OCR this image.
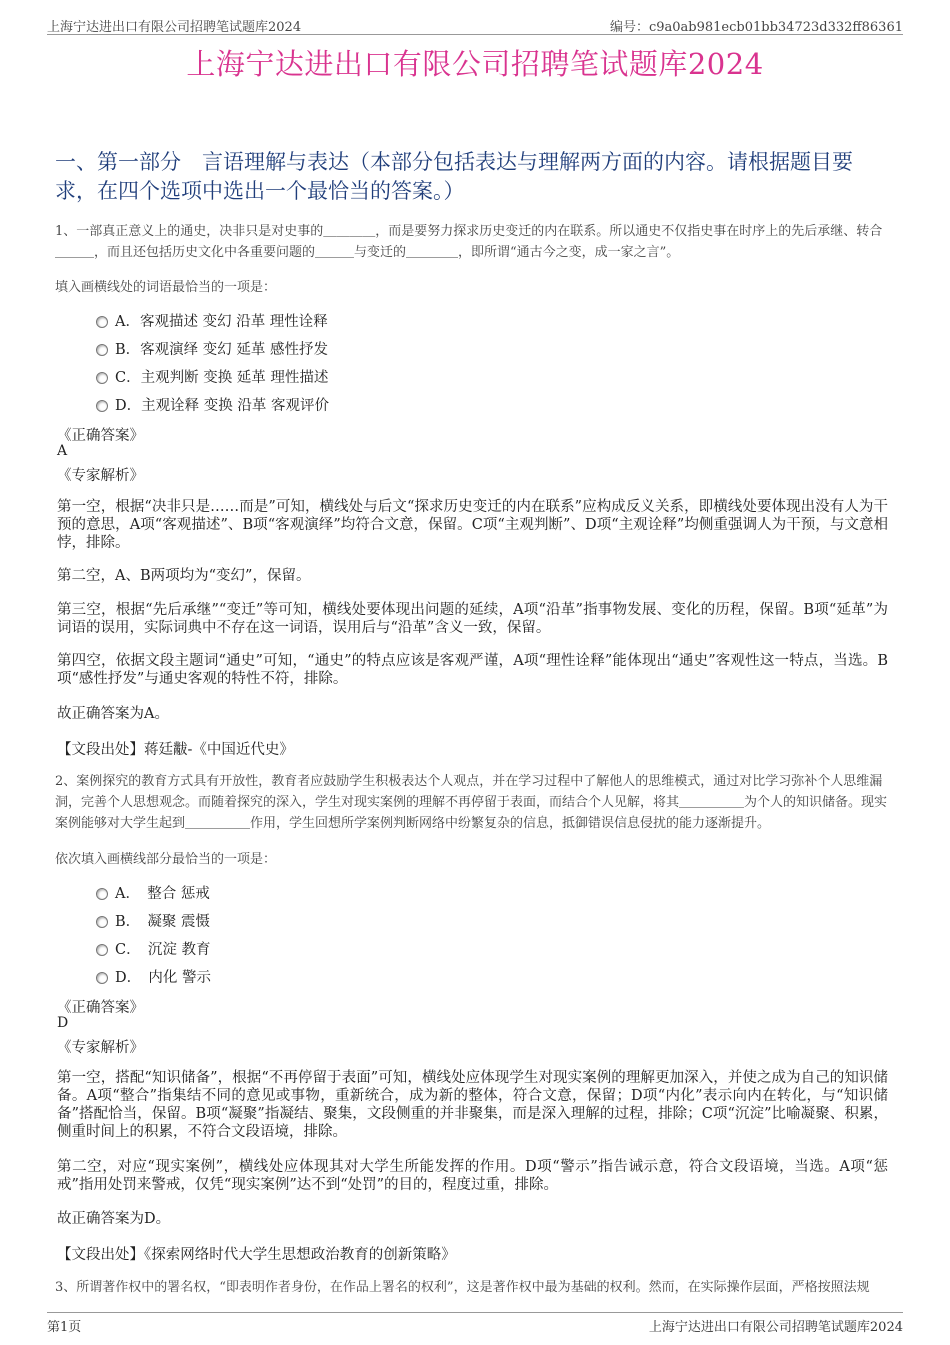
上海宁达进出口有限公司招聘笔试题库2024	编号：c9a0ab981ecb01bb34723d332ff86361
上海宁达进出口有限公司招聘笔试题库2024
一、第一部分　言语理解与表达（本部分包括表达与理解两方面的内容。请根据题目要求，在四个选项中选出一个最恰当的答案。）
1、一部真正意义上的通史，决非只是对史事的＿＿＿＿，而是要努力探求历史变迁的内在联系。所以通史不仅指史事在时序上的先后承继、转合＿＿＿，而且还包括历史文化中各重要问题的＿＿＿与变迁的＿＿＿＿，即所谓“通古今之变，成一家之言”。
填入画横线处的词语最恰当的一项是：
A．客观描述 变幻 沿革 理性诠释
B．客观演绎 变幻 延革 感性抒发
C．主观判断 变换 延革 理性描述
D．主观诠释 变换 沿革 客观评价
《正确答案》
A
《专家解析》
第一空，根据“决非只是……而是”可知，横线处与后文“探求历史变迁的内在联系”应构成反义关系，即横线处要体现出没有人为干预的意思，A项“客观描述”、B项“客观演绎”均符合文意，保留。C项“主观判断”、D项“主观诠释”均侧重强调人为干预，与文意相悖，排除。
第二空，A、B两项均为“变幻”，保留。
第三空，根据“先后承继”“变迁”等可知，横线处要体现出问题的延续，A项“沿革”指事物发展、变化的历程，保留。B项“延革”为词语的误用，实际词典中不存在这一词语，误用后与“沿革”含义一致，保留。
第四空，依据文段主题词“通史”可知，“通史”的特点应该是客观严谨，A项“理性诠释”能体现出“通史”客观性这一特点，当选。B项“感性抒发”与通史客观的特性不符，排除。
故正确答案为A。
【文段出处】蒋廷黻-《中国近代史》
2、案例探究的教育方式具有开放性，教育者应鼓励学生积极表达个人观点，并在学习过程中了解他人的思维模式，通过对比学习弥补个人思维漏洞，完善个人思想观念。而随着探究的深入，学生对现实案例的理解不再停留于表面，而结合个人见解，将其＿＿＿＿＿为个人的知识储备。现实案例能够对大学生起到＿＿＿＿＿作用，学生回想所学案例判断网络中纷繁复杂的信息，抵御错误信息侵扰的能力逐渐提升。
依次填入画横线部分最恰当的一项是：
A．　整合 惩戒
B．　凝聚 震慑
C．　沉淀 教育
D．　内化 警示
《正确答案》
D
《专家解析》
第一空，搭配“知识储备”，根据“不再停留于表面”可知，横线处应体现学生对现实案例的理解更加深入，并使之成为自己的知识储备。A项“整合”指集结不同的意见或事物，重新统合，成为新的整体，符合文意，保留；D项“内化”表示向内在转化，与“知识储备”搭配恰当，保留。B项“凝聚”指凝结、聚集，文段侧重的并非聚集，而是深入理解的过程，排除；C项“沉淀”比喻凝聚、积累，侧重时间上的积累，不符合文段语境，排除。
第二空，对应“现实案例”，横线处应体现其对大学生所能发挥的作用。D项“警示”指告诫示意，符合文段语境，当选。A项“惩戒”指用处罚来警戒，仅凭“现实案例”达不到“处罚”的目的，程度过重，排除。
故正确答案为D。
【文段出处】《探索网络时代大学生思想政治教育的创新策略》
3、所谓著作权中的署名权，“即表明作者身份，在作品上署名的权利”，这是著作权中最为基础的权利。然而，在实际操作层面，严格按照法规
第1页	上海宁达进出口有限公司招聘笔试题库2024
